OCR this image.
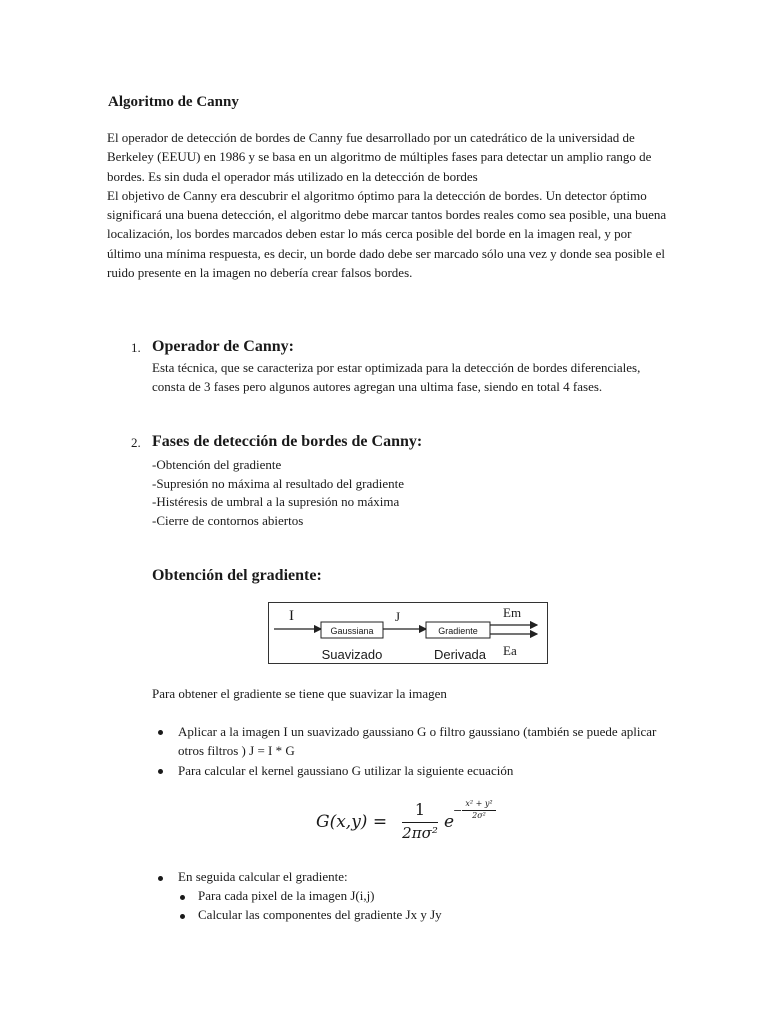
Algoritmo de Canny

El operador de detección de bordes de Canny fue desarrollado por un catedrático de la universidad de Berkeley (EEUU) en 1986 y se basa en un algoritmo de múltiples fases para detectar un amplio rango de bordes. Es sin duda el operador más utilizado en la detección de bordes

El objetivo de Canny era descubrir el algoritmo óptimo para la detección de bordes. Un detector óptimo significará una buena detección, el algoritmo debe marcar tantos bordes reales como sea posible, una buena localización, los bordes marcados deben estar lo más cerca posible del borde en la imagen real, y por último una mínima respuesta, es decir, un borde dado debe ser marcado sólo una vez y donde sea posible el ruido presente en la imagen no debería crear falsos bordes.

1. Operador de Canny:

Esta técnica, que se caracteriza por estar optimizada para la detección de bordes diferenciales, consta de 3 fases pero algunos autores agregan una ultima fase, siendo en total 4 fases.

2. Fases de detección de bordes de Canny:
-Obtención del gradiente
-Supresión no máxima al resultado del gradiente
-Histéresis de umbral a la supresión no máxima
-Cierre de contornos abiertos
Obtención del gradiente:
I	J
Gaussiana	Gradiente
Suavizado	Derivada
Em
Ea
Para obtener el gradiente se tiene que suavizar la imagen
Aplicar a la imagen I un suavizado gaussiano G o filtro gaussiano (también se puede aplicar otros filtros ) J = I * G
Para calcular el kernel gaussiano G utilizar la siguiente ecuación
G(x,y) =
1
2πσ²
e
−
x² + y²
2σ²
En seguida calcular el gradiente:
Para cada pixel de la imagen J(i,j)
Calcular las componentes del gradiente Jx y Jy
